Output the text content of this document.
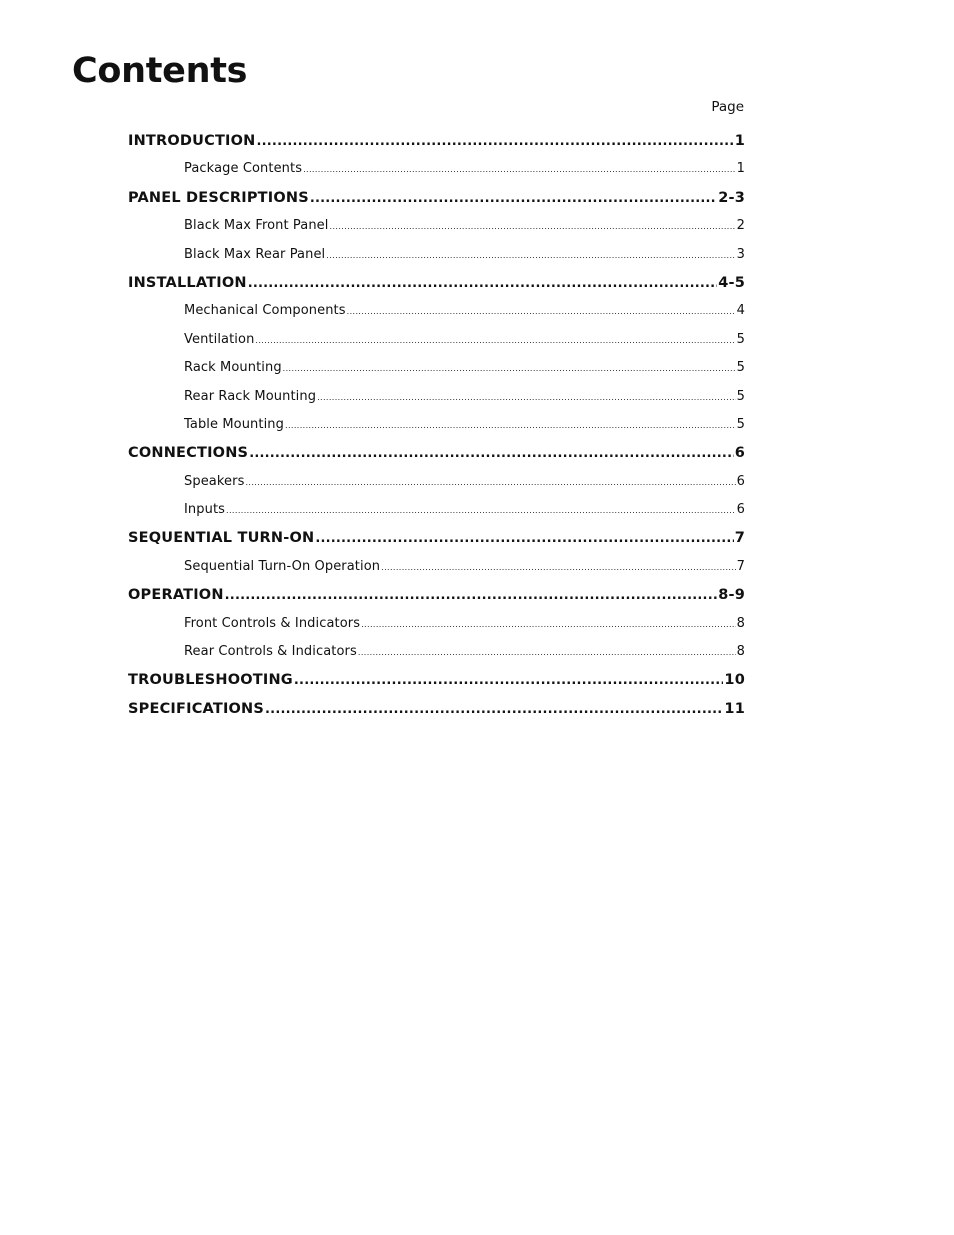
Contents
Page
INTRODUCTION .....	1
Package Contents .....	1
PANEL DESCRIPTIONS .....	2-3
Black Max Front Panel .....	2
Black Max Rear Panel .....	3
INSTALLATION .....	4-5
Mechanical Components .....	4
Ventilation .....	5
Rack Mounting .....	5
Rear Rack Mounting .....	5
Table Mounting .....	5
CONNECTIONS .....	6
Speakers .....	6
Inputs .....	6
SEQUENTIAL TURN-ON .....	7
Sequential Turn-On Operation .....	7
OPERATION .....	8-9
Front Controls & Indicators .....	8
Rear Controls & Indicators .....	8
TROUBLESHOOTING .....	10
SPECIFICATIONS .....	11
